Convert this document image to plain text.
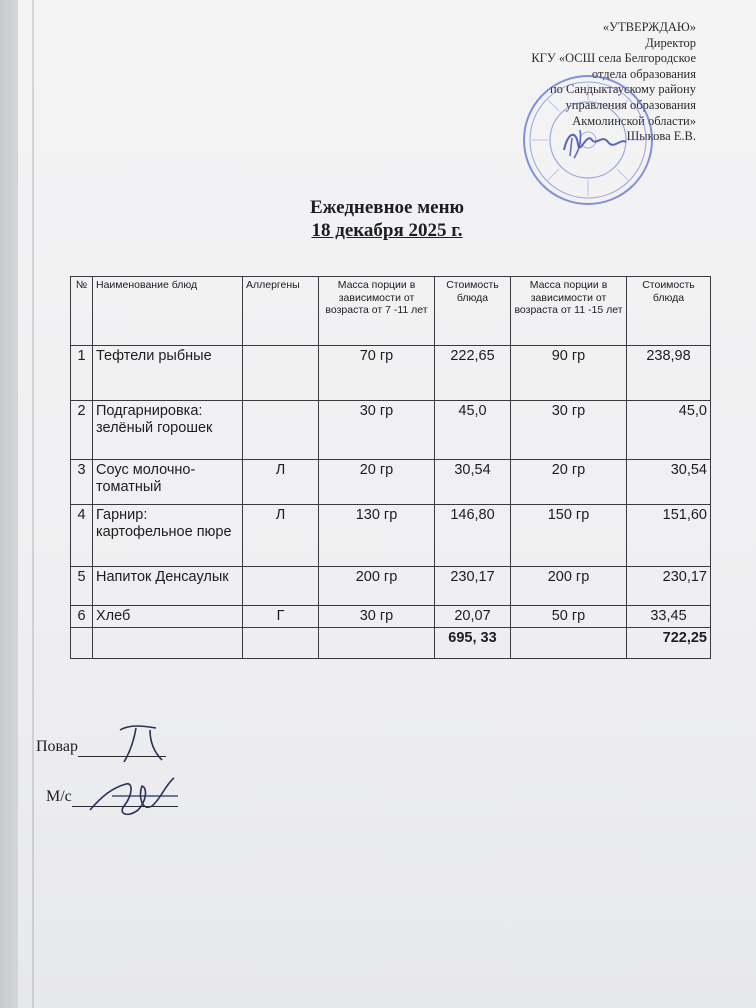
«УТВЕРЖДАЮ»
Директор
КГУ «ОСШ села Белгородское
отдела образования
по Сандыктаускому району
управления образования
Акмолинской области»
Шыкова Е.В.
Ежедневное меню
18 декабря 2025 г.
№	Наименование блюд	Аллергены	Масса порции в зависимости от возраста от 7 -11 лет	Стоимость блюда	Масса порции в зависимости от возраста от 11 -15 лет	Стоимость блюда
1	Тефтели рыбные		70 гр	222,65	90 гр	238,98
2	Подгарнировка: зелёный горошек		30 гр	45,0	30 гр	45,0
3	Соус молочно-томатный	Л	20 гр	30,54	20 гр	30,54
4	Гарнир: картофельное пюре	Л	130 гр	146,80	150 гр	151,60
5	Напиток Денсаулык		200 гр	230,17	200 гр	230,17
6	Хлеб	Г	30 гр	20,07	50 гр	33,45
				695, 33		722,25
Повар
М/с
